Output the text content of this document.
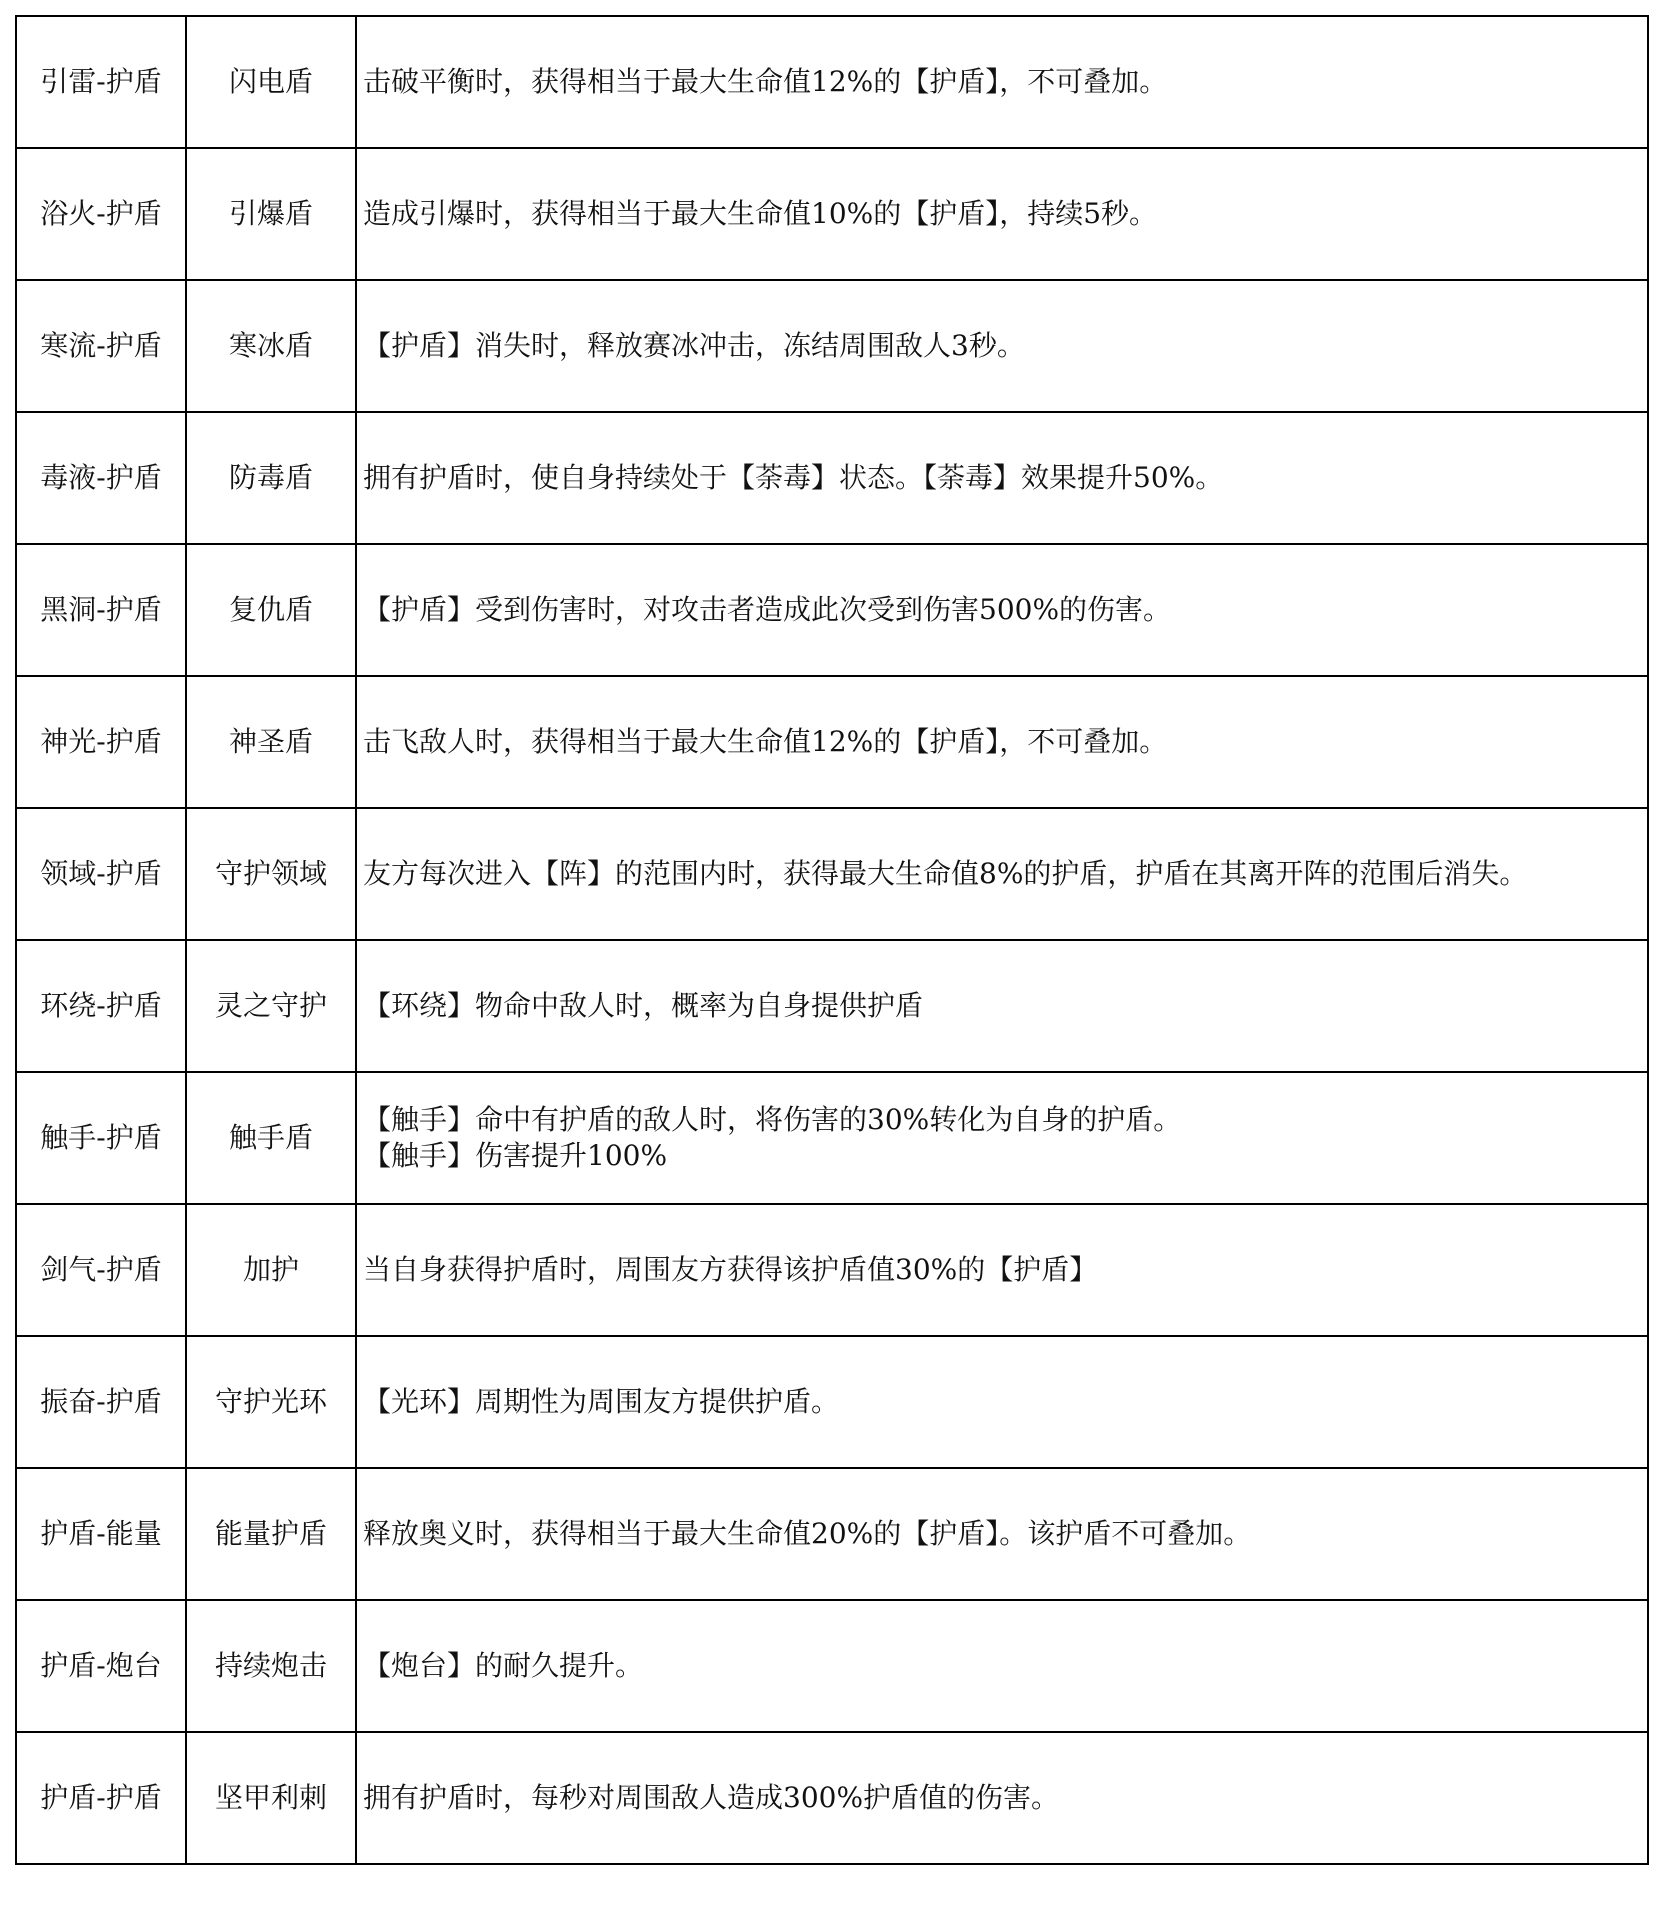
引雷-护盾	闪电盾	击破平衡时，获得相当于最大生命值12%的【护盾】，不可叠加。

浴火-护盾	引爆盾	造成引爆时，获得相当于最大生命值10%的【护盾】，持续5秒。

寒流-护盾	寒冰盾	【护盾】消失时，释放赛冰冲击，冻结周围敌人3秒。

毒液-护盾	防毒盾	拥有护盾时，使自身持续处于【荼毒】状态。【荼毒】效果提升50%。

黑洞-护盾	复仇盾	【护盾】受到伤害时，对攻击者造成此次受到伤害500%的伤害。

神光-护盾	神圣盾	击飞敌人时，获得相当于最大生命值12%的【护盾】，不可叠加。

领域-护盾	守护领域	友方每次进入【阵】的范围内时，获得最大生命值8%的护盾，护盾在其离开阵的范围后消失。

环绕-护盾	灵之守护	【环绕】物命中敌人时，概率为自身提供护盾

触手-护盾	触手盾	【触手】命中有护盾的敌人时，将伤害的30%转化为自身的护盾。
【触手】伤害提升100%

剑气-护盾	加护	当自身获得护盾时，周围友方获得该护盾值30%的【护盾】

振奋-护盾	守护光环	【光环】周期性为周围友方提供护盾。

护盾-能量	能量护盾	释放奥义时，获得相当于最大生命值20%的【护盾】。该护盾不可叠加。

护盾-炮台	持续炮击	【炮台】的耐久提升。

护盾-护盾	坚甲利刺	拥有护盾时，每秒对周围敌人造成300%护盾值的伤害。
